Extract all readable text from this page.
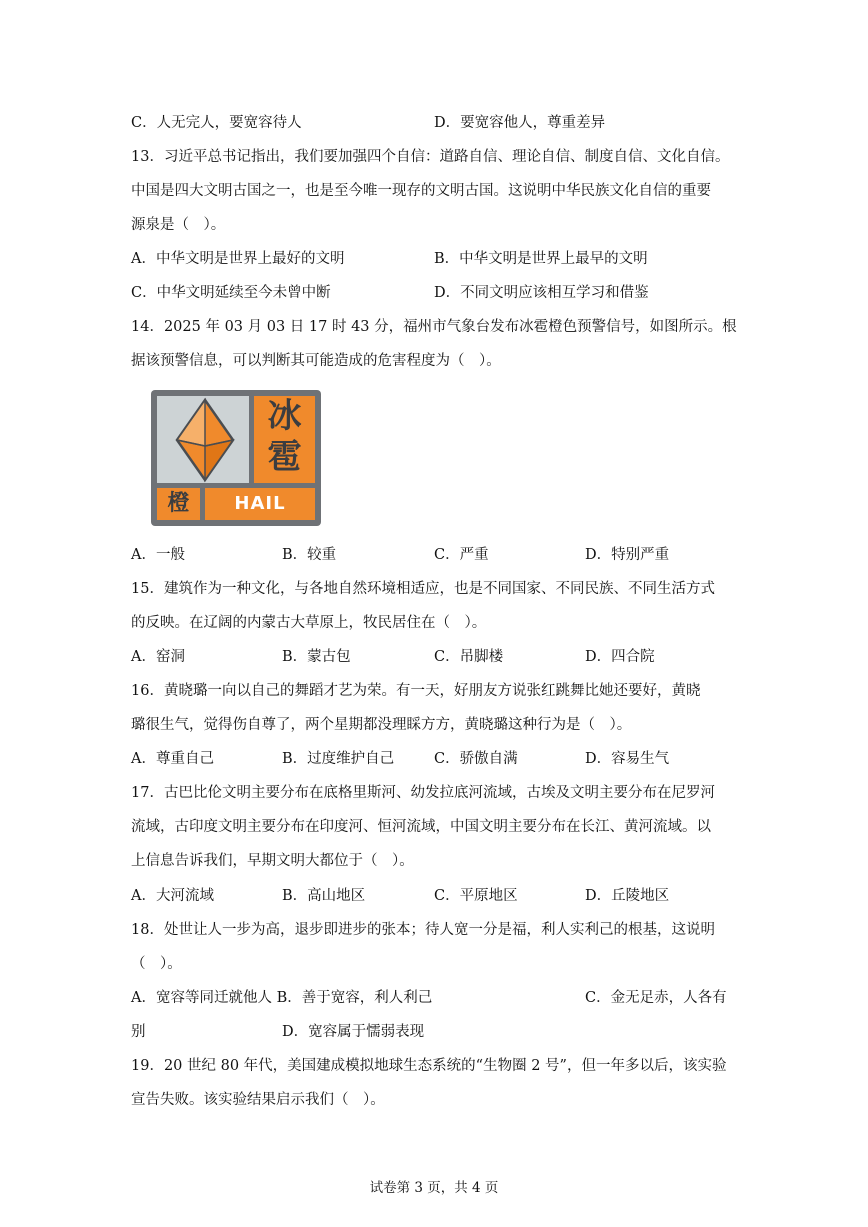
C．人无完人，要宽容待人	D．要宽容他人，尊重差异
13．习近平总书记指出，我们要加强四个自信：道路自信、理论自信、制度自信、文化自信。
中国是四大文明古国之一，也是至今唯一现存的文明古国。这说明中华民族文化自信的重要
源泉是（　）。
A．中华文明是世界上最好的文明	B．中华文明是世界上最早的文明
C．中华文明延续至今未曾中断	D．不同文明应该相互学习和借鉴
14．2025 年 03 月 03 日 17 时 43 分，福州市气象台发布冰雹橙色预警信号，如图所示。根
据该预警信息，可以判断其可能造成的危害程度为（　）。
冰
雹
橙	HAIL
A．一般	B．较重	C．严重	D．特别严重
15．建筑作为一种文化，与各地自然环境相适应，也是不同国家、不同民族、不同生活方式
的反映。在辽阔的内蒙古大草原上，牧民居住在（　）。
A．窑洞	B．蒙古包	C．吊脚楼	D．四合院
16．黄晓璐一向以自己的舞蹈才艺为荣。有一天，好朋友方说张红跳舞比她还要好，黄晓
璐很生气，觉得伤自尊了，两个星期都没理睬方方，黄晓璐这种行为是（　）。
A．尊重自己	B．过度维护自己	C．骄傲自满	D．容易生气
17．古巴比伦文明主要分布在底格里斯河、幼发拉底河流域，古埃及文明主要分布在尼罗河
流域，古印度文明主要分布在印度河、恒河流域，中国文明主要分布在长江、黄河流域。以
上信息告诉我们，早期文明大都位于（　）。
A．大河流域	B．高山地区	C．平原地区	D．丘陵地区
18．处世让人一步为高，退步即进步的张本；待人宽一分是福，利人实利己的根基，这说明
（　）。
A．宽容等同迁就他人 B．善于宽容，利人利己	C．金无足赤，人各有
别	D．宽容属于懦弱表现
19．20 世纪 80 年代，美国建成模拟地球生态系统的“生物圈 2 号”，但一年多以后，该实验
宣告失败。该实验结果启示我们（　）。
试卷第 3 页，共 4 页
